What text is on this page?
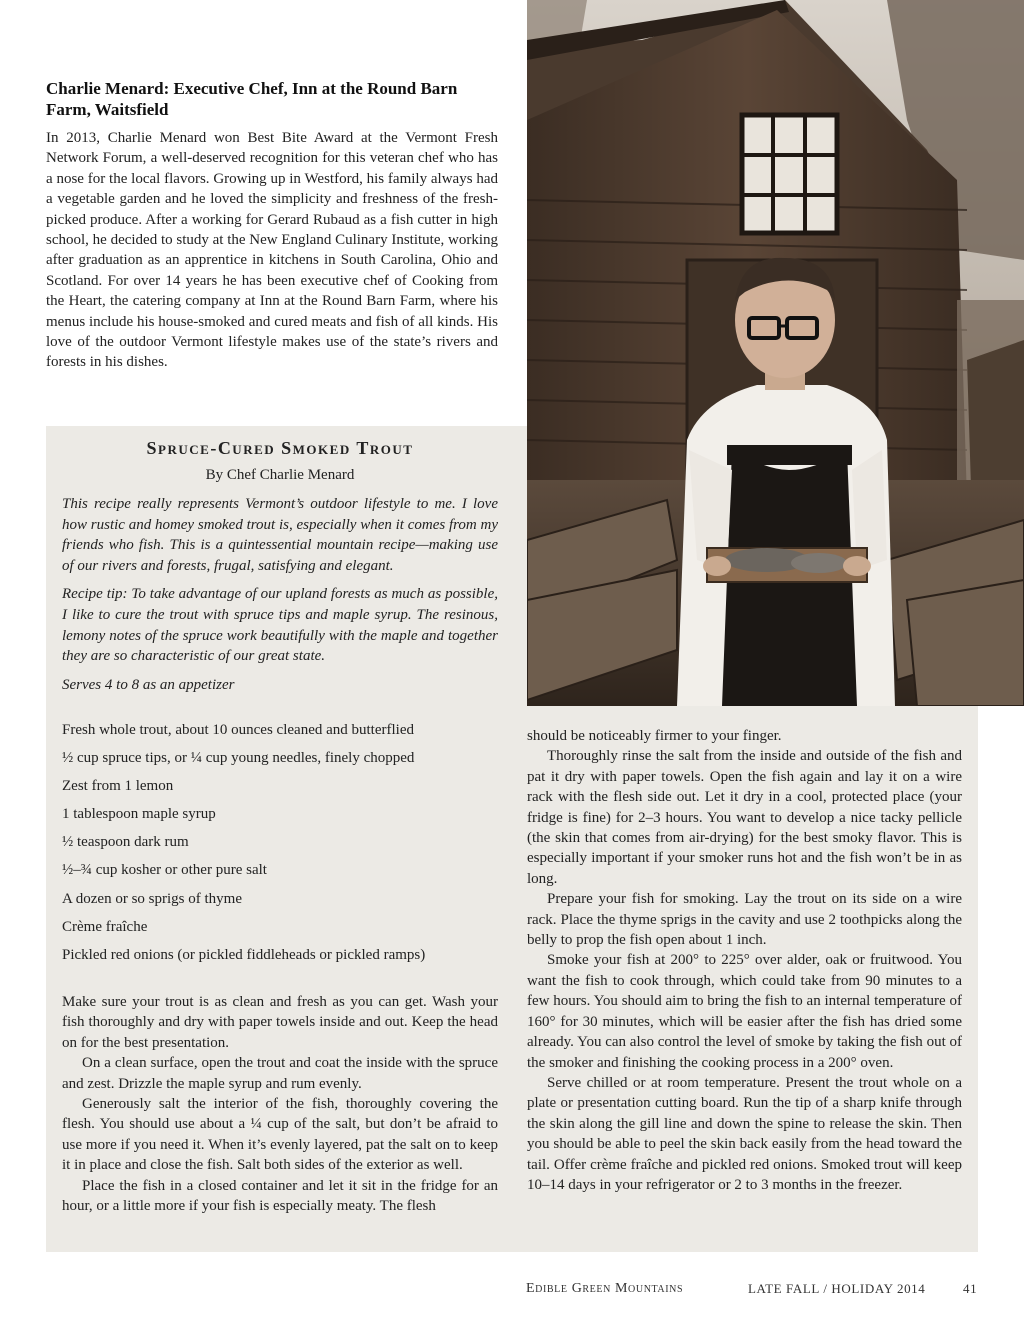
Charlie Menard: Executive Chef, Inn at the Round Barn Farm, Waitsfield

In 2013, Charlie Menard won Best Bite Award at the Vermont Fresh Network Forum, a well-deserved recognition for this veteran chef who has a nose for the local flavors. Growing up in Westford, his family always had a vegetable garden and he loved the simplicity and freshness of the fresh-picked produce. After a working for Gerard Rubaud as a fish cutter in high school, he decided to study at the New England Culinary Institute, working after graduation as an apprentice in kitchens in South Carolina, Ohio and Scotland. For over 14 years he has been executive chef of Cooking from the Heart, the catering company at Inn at the Round Barn Farm, where his menus include his house-smoked and cured meats and fish of all kinds. His love of the outdoor Vermont lifestyle makes use of the state’s rivers and forests in his dishes.

Spruce-Cured Smoked Trout

By Chef Charlie Menard

This recipe really represents Vermont’s outdoor lifestyle to me. I love how rustic and homey smoked trout is, especially when it comes from my friends who fish. This is a quintessential mountain recipe—making use of our rivers and forests, frugal, satisfying and elegant.

Recipe tip: To take advantage of our upland forests as much as possible, I like to cure the trout with spruce tips and maple syrup. The resinous, lemony notes of the spruce work beautifully with the maple and together they are so characteristic of our great state.

Serves 4 to 8 as an appetizer

Fresh whole trout, about 10 ounces cleaned and butterflied
½ cup spruce tips, or ¼ cup young needles, finely chopped
Zest from 1 lemon
1 tablespoon maple syrup
½ teaspoon dark rum
½–¾ cup kosher or other pure salt
A dozen or so sprigs of thyme
Crème fraîche
Pickled red onions (or pickled fiddleheads or pickled ramps)

Make sure your trout is as clean and fresh as you can get. Wash your fish thoroughly and dry with paper towels inside and out. Keep the head on for the best presentation.

On a clean surface, open the trout and coat the inside with the spruce and zest. Drizzle the maple syrup and rum evenly.

Generously salt the interior of the fish, thoroughly covering the flesh. You should use about a ¼ cup of the salt, but don’t be afraid to use more if you need it. When it’s evenly layered, pat the salt on to keep it in place and close the fish. Salt both sides of the exterior as well.

Place the fish in a closed container and let it sit in the fridge for an hour, or a little more if your fish is especially meaty. The flesh

should be noticeably firmer to your finger.

Thoroughly rinse the salt from the inside and outside of the fish and pat it dry with paper towels. Open the fish again and lay it on a wire rack with the flesh side out. Let it dry in a cool, protected place (your fridge is fine) for 2–3 hours. You want to develop a nice tacky pellicle (the skin that comes from air-drying) for the best smoky flavor. This is especially important if your smoker runs hot and the fish won’t be in as long.

Prepare your fish for smoking. Lay the trout on its side on a wire rack. Place the thyme sprigs in the cavity and use 2 toothpicks along the belly to prop the fish open about 1 inch.

Smoke your fish at 200° to 225° over alder, oak or fruitwood. You want the fish to cook through, which could take from 90 minutes to a few hours. You should aim to bring the fish to an internal temperature of 160° for 30 minutes, which will be easier after the fish has dried some already. You can also control the level of smoke by taking the fish out of the smoker and finishing the cooking process in a 200° oven.

Serve chilled or at room temperature. Present the trout whole on a plate or presentation cutting board. Run the tip of a sharp knife through the skin along the gill line and down the spine to release the skin. Then you should be able to peel the skin back easily from the head toward the tail. Offer crème fraîche and pickled red onions. Smoked trout will keep 10–14 days in your refrigerator or 2 to 3 months in the freezer.

Edible Green Mountains	LATE FALL / HOLIDAY 2014	41
